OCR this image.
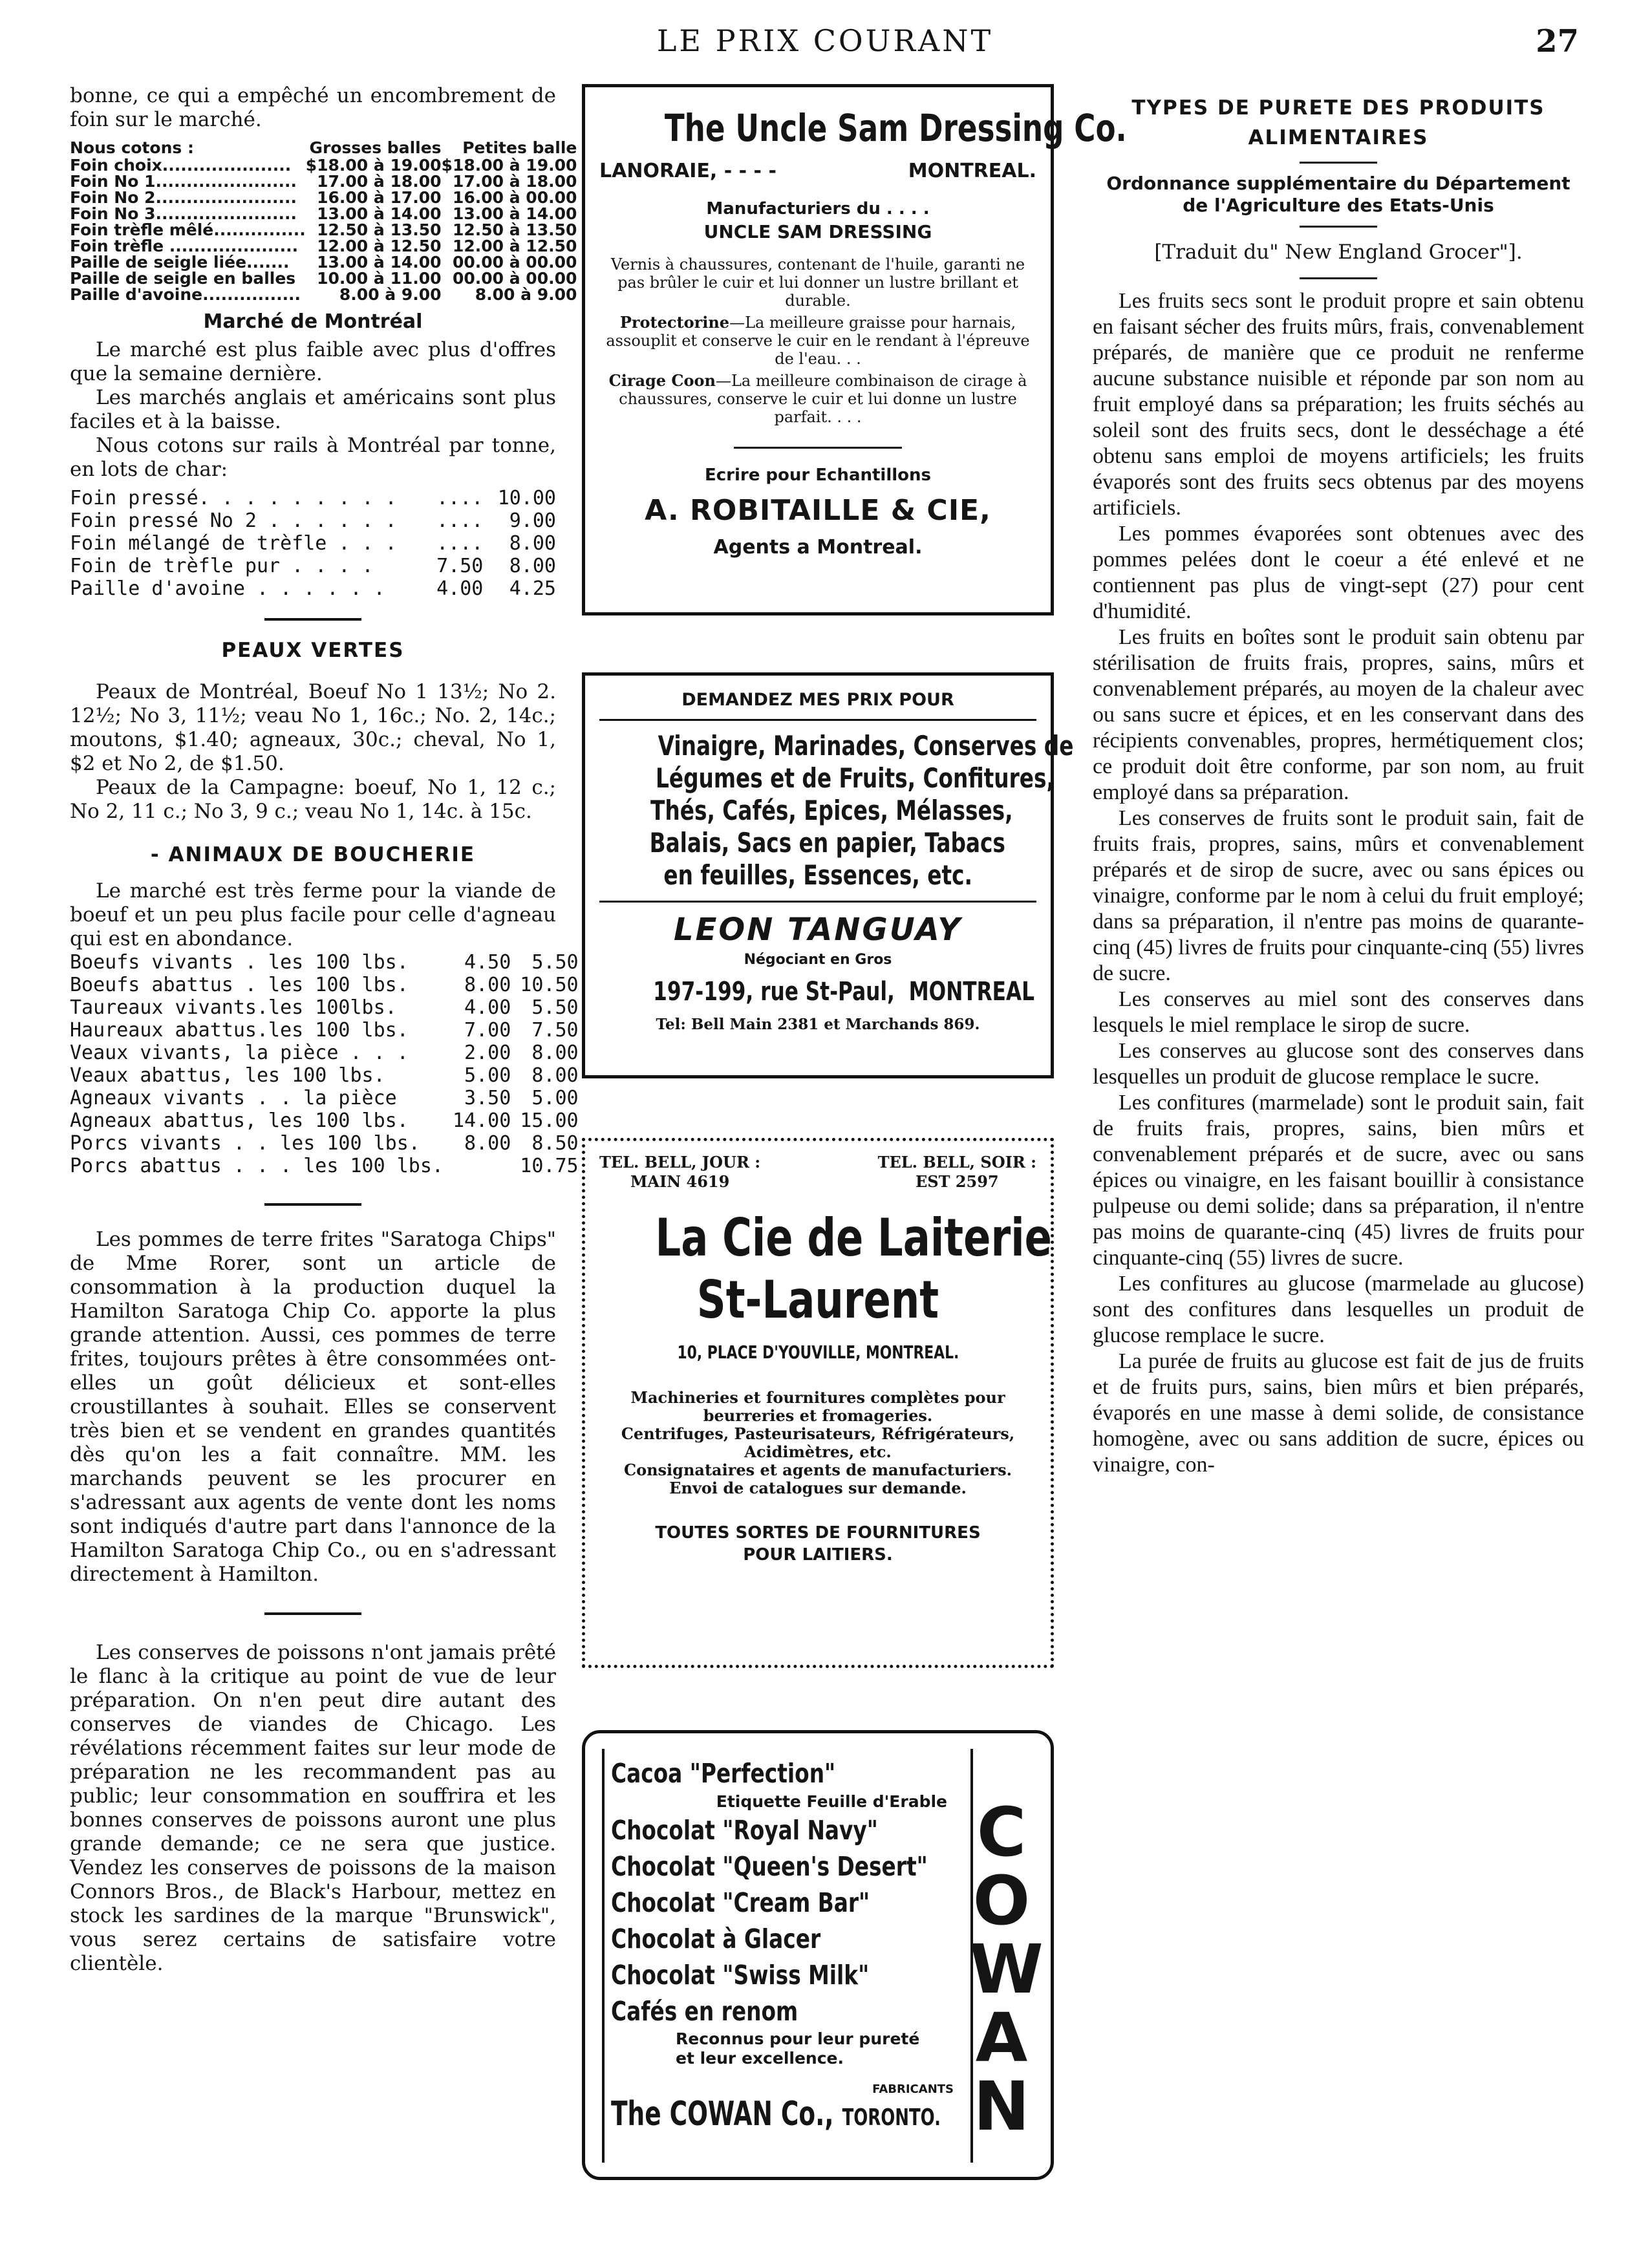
LE PRIX COURANT	27

bonne, ce qui a empêché un encombrement de foin sur le marché.

Nous cotons :	Grosses balles	Petites balle
Foin choix.....................	$18.00 à 19.00	$18.00 à 19.00
Foin No 1.......................	17.00 à 18.00	17.00 à 18.00
Foin No 2.......................	16.00 à 17.00	16.00 à 00.00
Foin No 3.......................	13.00 à 14.00	13.00 à 14.00
Foin trèfle mêlé...............	12.50 à 13.50	12.50 à 13.50
Foin trèfle .....................	12.00 à 12.50	12.00 à 12.50
Paille de seigle liée.......	13.00 à 14.00	00.00 à 00.00
Paille de seigle en balles	10.00 à 11.00	00.00 à 00.00
Paille d'avoine................	8.00 à 9.00	8.00 à 9.00
Marché de Montréal

Le marché est plus faible avec plus d'offres que la semaine dernière.

Les marchés anglais et américains sont plus faciles et à la baisse.

Nous cotons sur rails à Montréal par tonne, en lots de char:

Foin pressé. . . . . . . . .	....	10.00
Foin pressé No 2 . . . . . .	....	9.00
Foin mélangé de trèfle . . .	....	8.00
Foin de trèfle pur . . . .	7.50	8.00
Paille d'avoine . . . . . .	4.00	4.25
PEAUX VERTES

Peaux de Montréal, Boeuf No 1 13½; No 2. 12½; No 3, 11½; veau No 1, 16c.; No. 2, 14c.; moutons, $1.40; agneaux, 30c.; cheval, No 1, $2 et No 2, de $1.50.

Peaux de la Campagne: boeuf, No 1, 12 c.; No 2, 11 c.; No 3, 9 c.; veau No 1, 14c. à 15c.

- ANIMAUX DE BOUCHERIE

Le marché est très ferme pour la viande de boeuf et un peu plus facile pour celle d'agneau qui est en abondance.

Boeufs vivants . les 100 lbs.	4.50	5.50
Boeufs abattus . les 100 lbs.	8.00	10.50
Taureaux vivants.les 100lbs.	4.00	5.50
Haureaux abattus.les 100 lbs.	7.00	7.50
Veaux vivants, la pièce . . .	2.00	8.00
Veaux abattus, les 100 lbs.	5.00	8.00
Agneaux vivants . . la pièce	3.50	5.00
Agneaux abattus, les 100 lbs.	14.00	15.00
Porcs vivants . . les 100 lbs.	8.00	8.50
Porcs abattus . . . les 100 lbs.		10.75

Les pommes de terre frites "Saratoga Chips" de Mme Rorer, sont un article de consommation à la production duquel la Hamilton Saratoga Chip Co. apporte la plus grande attention. Aussi, ces pommes de terre frites, toujours prêtes à être consommées ont-elles un goût délicieux et sont-elles croustillantes à souhait. Elles se conservent très bien et se vendent en grandes quantités dès qu'on les a fait connaître. MM. les marchands peuvent se les procurer en s'adressant aux agents de vente dont les noms sont indiqués d'autre part dans l'annonce de la Hamilton Saratoga Chip Co., ou en s'adressant directement à Hamilton.

Les conserves de poissons n'ont jamais prêté le flanc à la critique au point de vue de leur préparation. On n'en peut dire autant des conserves de viandes de Chicago. Les révélations récemment faites sur leur mode de préparation ne les recommandent pas au public; leur consommation en souffrira et les bonnes conserves de poissons auront une plus grande demande; ce ne sera que justice. Vendez les conserves de poissons de la maison Connors Bros., de Black's Harbour, mettez en stock les sardines de la marque "Brunswick", vous serez certains de satisfaire votre clientèle.

The Uncle Sam Dressing Co.
LANORAIE, - - - -	MONTREAL.
Manufacturiers du . . . .
UNCLE SAM DRESSING
Vernis à chaussures, contenant de l'huile, garanti ne pas brûler le cuir et lui donner un lustre brillant et durable.
Protectorine—La meilleure graisse pour harnais, assouplit et conserve le cuir en le rendant à l'épreuve de l'eau. . .
Cirage Coon—La meilleure combinaison de cirage à chaussures, conserve le cuir et lui donne un lustre parfait. . . .
Ecrire pour Echantillons
A. ROBITAILLE & CIE,
Agents a Montreal.
DEMANDEZ MES PRIX POUR
Vinaigre, Marinades, Conserves de
Légumes et de Fruits, Confitures,
Thés, Cafés, Epices, Mélasses,
Balais, Sacs en papier, Tabacs
en feuilles, Essences, etc.
LEON TANGUAY
Négociant en Gros
197-199, rue St-Paul, MONTREAL
Tel: Bell Main 2381 et Marchands 869.
TEL. BELL, JOUR :
MAIN 4619
TEL. BELL, SOIR :
EST 2597
La Cie de Laiterie
St-Laurent
10, PLACE D'YOUVILLE, MONTREAL.
Machineries et fournitures complètes pour beurreries et fromageries.
Centrifuges, Pasteurisateurs, Réfrigérateurs, Acidimètres, etc.
Consignataires et agents de manufacturiers.
Envoi de catalogues sur demande.
TOUTES SORTES DE FOURNITURES
POUR LAITIERS.
Cacoa "Perfection"
Etiquette Feuille d'Erable
Chocolat "Royal Navy"
Chocolat "Queen's Desert"
Chocolat "Cream Bar"
Chocolat à Glacer
Chocolat "Swiss Milk"
Cafés en renom
Reconnus pour leur pureté
et leur excellence.
FABRICANTS
The COWAN Co., TORONTO.
C
O
W
A
N
TYPES DE PURETE DES PRODUITS ALIMENTAIRES
Ordonnance supplémentaire du Département de l'Agriculture des Etats-Unis
[Traduit du" New England Grocer"].

Les fruits secs sont le produit propre et sain obtenu en faisant sécher des fruits mûrs, frais, convenablement préparés, de manière que ce produit ne renferme aucune substance nuisible et réponde par son nom au fruit employé dans sa préparation; les fruits séchés au soleil sont des fruits secs, dont le desséchage a été obtenu sans emploi de moyens artificiels; les fruits évaporés sont des fruits secs obtenus par des moyens artificiels.

Les pommes évaporées sont obtenues avec des pommes pelées dont le coeur a été enlevé et ne contiennent pas plus de vingt-sept (27) pour cent d'humidité.

Les fruits en boîtes sont le produit sain obtenu par stérilisation de fruits frais, propres, sains, mûrs et convenablement préparés, au moyen de la chaleur avec ou sans sucre et épices, et en les conservant dans des récipients convenables, propres, hermétiquement clos; ce produit doit être conforme, par son nom, au fruit employé dans sa préparation.

Les conserves de fruits sont le produit sain, fait de fruits frais, propres, sains, mûrs et convenablement préparés et de sirop de sucre, avec ou sans épices ou vinaigre, conforme par le nom à celui du fruit employé; dans sa préparation, il n'entre pas moins de quarante-cinq (45) livres de fruits pour cinquante-cinq (55) livres de sucre.

Les conserves au miel sont des conserves dans lesquels le miel remplace le sirop de sucre.

Les conserves au glucose sont des conserves dans lesquelles un produit de glucose remplace le sucre.

Les confitures (marmelade) sont le produit sain, fait de fruits frais, propres, sains, bien mûrs et convenablement préparés et de sucre, avec ou sans épices ou vinaigre, en les faisant bouillir à consistance pulpeuse ou demi solide; dans sa préparation, il n'entre pas moins de quarante-cinq (45) livres de fruits pour cinquante-cinq (55) livres de sucre.

Les confitures au glucose (marmelade au glucose) sont des confitures dans lesquelles un produit de glucose remplace le sucre.

La purée de fruits au glucose est fait de jus de fruits et de fruits purs, sains, bien mûrs et bien préparés, évaporés en une masse à demi solide, de consistance homogène, avec ou sans addition de sucre, épices ou vinaigre, con-
